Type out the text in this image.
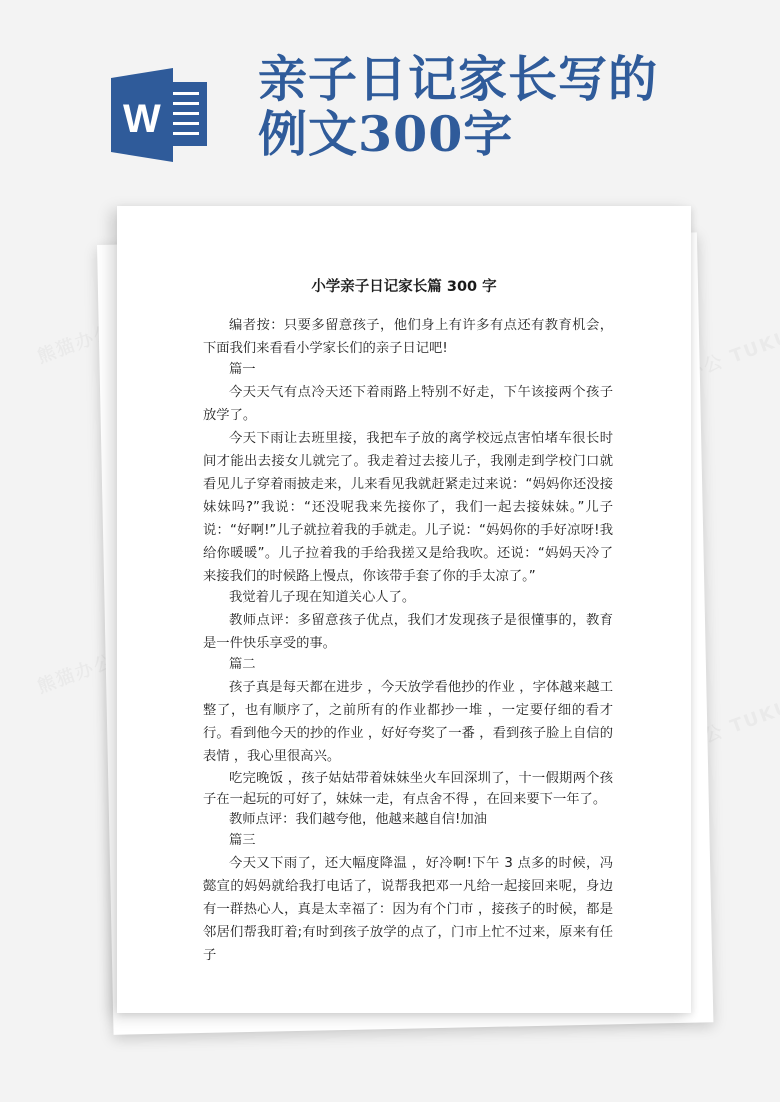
W
亲子日记家长写的
例文300字
小学亲子日记家长篇 300 字

编者按：只要多留意孩子，他们身上有许多有点还有教育机会，下面我们来看看小学家长们的亲子日记吧!

篇一

今天天气有点冷天还下着雨路上特别不好走，下午该接两个孩子放学了。

今天下雨让去班里接，我把车子放的离学校远点害怕堵车很长时间才能出去接女儿就完了。我走着过去接儿子，我刚走到学校门口就看见儿子穿着雨披走来，儿来看见我就赶紧走过来说：“妈妈你还没接妹妹吗?”我说：“还没呢我来先接你了，我们一起去接妹妹。”儿子说：“好啊!”儿子就拉着我的手就走。儿子说：“妈妈你的手好凉呀!我给你暖暖”。儿子拉着我的手给我搓又是给我吹。还说：“妈妈天冷了来接我们的时候路上慢点，你该带手套了你的手太凉了。”

我觉着儿子现在知道关心人了。

教师点评：多留意孩子优点，我们才发现孩子是很懂事的，教育是一件快乐享受的事。

篇二

孩子真是每天都在进步 ，今天放学看他抄的作业 ，字体越来越工整了，也有顺序了，之前所有的作业都抄一堆 ，一定要仔细的看才行。看到他今天的抄的作业 ，好好夸奖了一番 ，看到孩子脸上自信的表情 ，我心里很高兴。

吃完晚饭 ，孩子姑姑带着妹妹坐火车回深圳了，十一假期两个孩子在一起玩的可好了，妹妹一走，有点舍不得 ，在回来要下一年了。

教师点评：我们越夸他，他越来越自信!加油

篇三

今天又下雨了，还大幅度降温 ，好冷啊!下午 3 点多的时候，冯懿宣的妈妈就给我打电话了，说帮我把邓一凡给一起接回来呢，身边有一群热心人，真是太幸福了：因为有个门市 ，接孩子的时候，都是邻居们帮我盯着;有时到孩子放学的点了，门市上忙不过来，原来有任子
